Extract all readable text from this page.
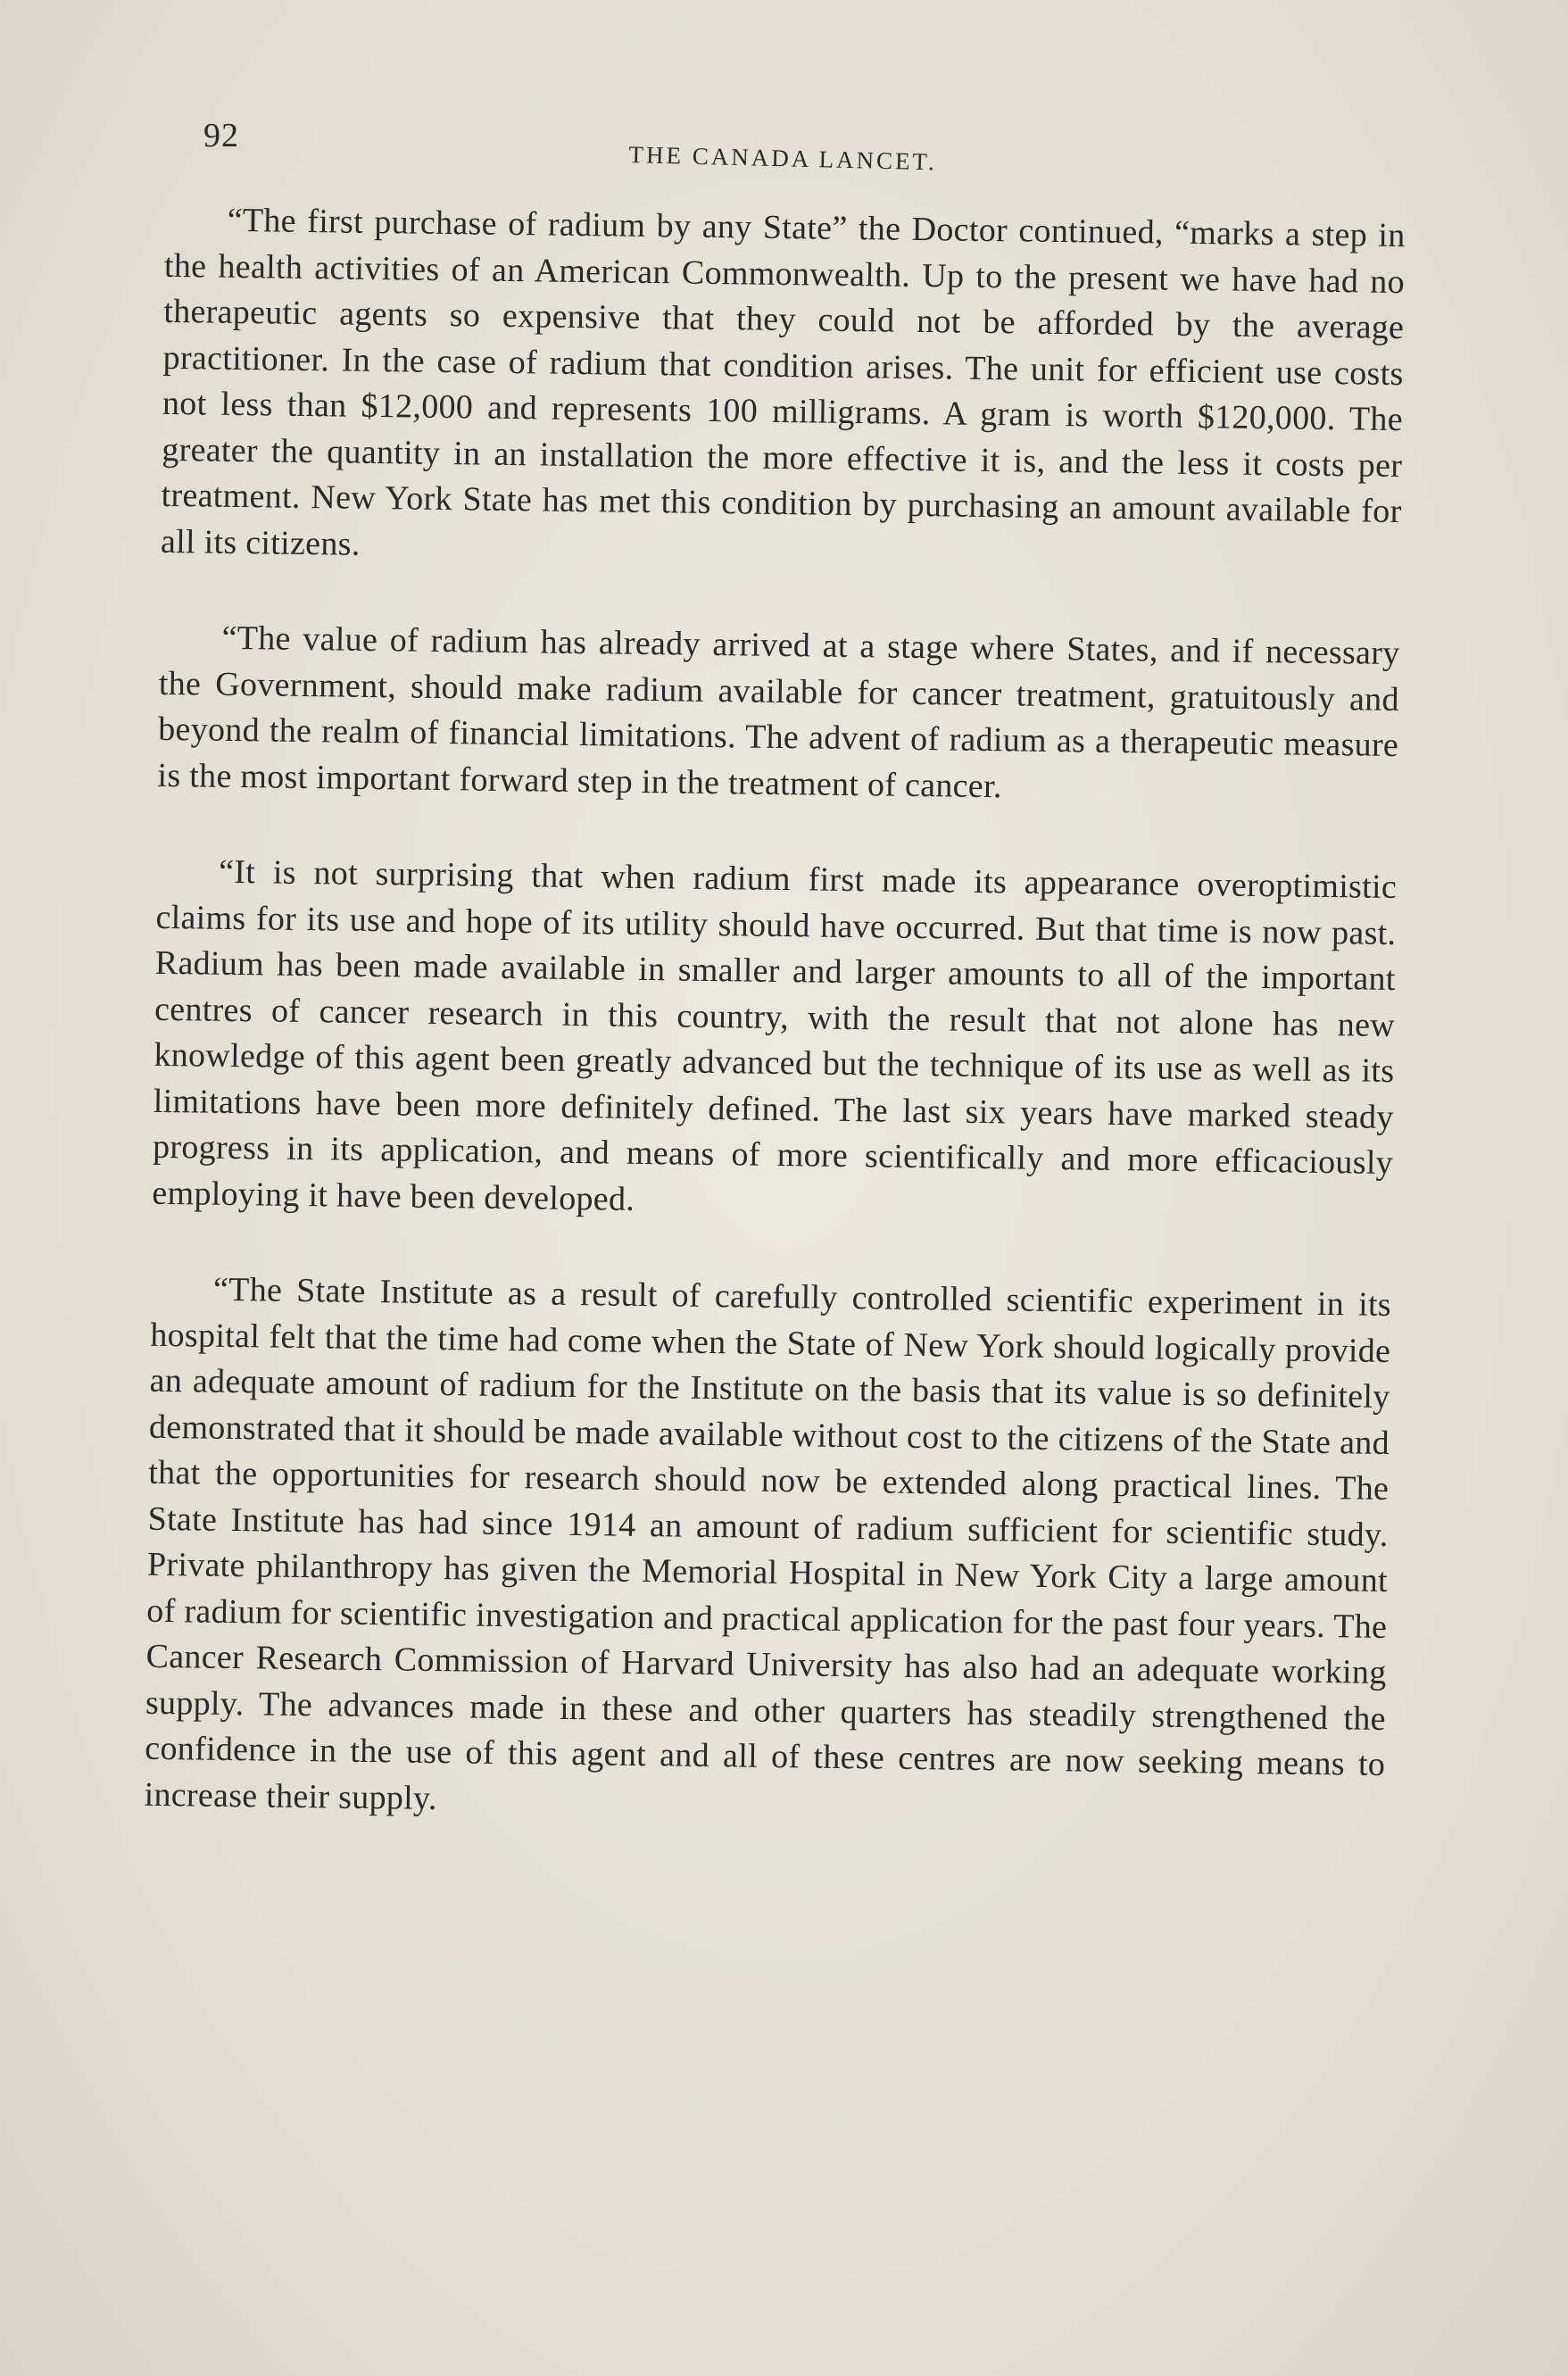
92
THE CANADA LANCET.

“The first purchase of radium by any State” the Doctor continued, “marks a step in the health activities of an American Commonwealth. Up to the present we have had no therapeutic agents so expensive that they could not be afforded by the average practitioner. In the case of radium that condition arises. The unit for efficient use costs not less than $12,000 and represents 100 milligrams. A gram is worth $120,000. The greater the quantity in an installation the more effective it is, and the less it costs per treatment. New York State has met this condition by purchasing an amount available for all its citizens.

“The value of radium has already arrived at a stage where States, and if necessary the Government, should make radium available for cancer treatment, gratuitously and beyond the realm of financial limitations. The advent of radium as a therapeutic measure is the most important forward step in the treatment of cancer.

“It is not surprising that when radium first made its appearance overoptimistic claims for its use and hope of its utility should have occurred. But that time is now past. Radium has been made available in smaller and larger amounts to all of the important centres of cancer research in this country, with the result that not alone has new knowledge of this agent been greatly advanced but the technique of its use as well as its limitations have been more definitely defined. The last six years have marked steady progress in its application, and means of more scientifically and more efficaciously employing it have been developed.

“The State Institute as a result of carefully controlled scientific experiment in its hospital felt that the time had come when the State of New York should logically provide an adequate amount of radium for the Institute on the basis that its value is so definitely demonstrated that it should be made available without cost to the citizens of the State and that the opportunities for research should now be extended along practical lines. The State Institute has had since 1914 an amount of radium sufficient for scientific study. Private philanthropy has given the Memorial Hospital in New York City a large amount of radium for scientific investigation and practical application for the past four years. The Cancer Research Commission of Harvard University has also had an adequate working supply. The advances made in these and other quarters has steadily strengthened the confidence in the use of this agent and all of these centres are now seeking means to increase their supply.
